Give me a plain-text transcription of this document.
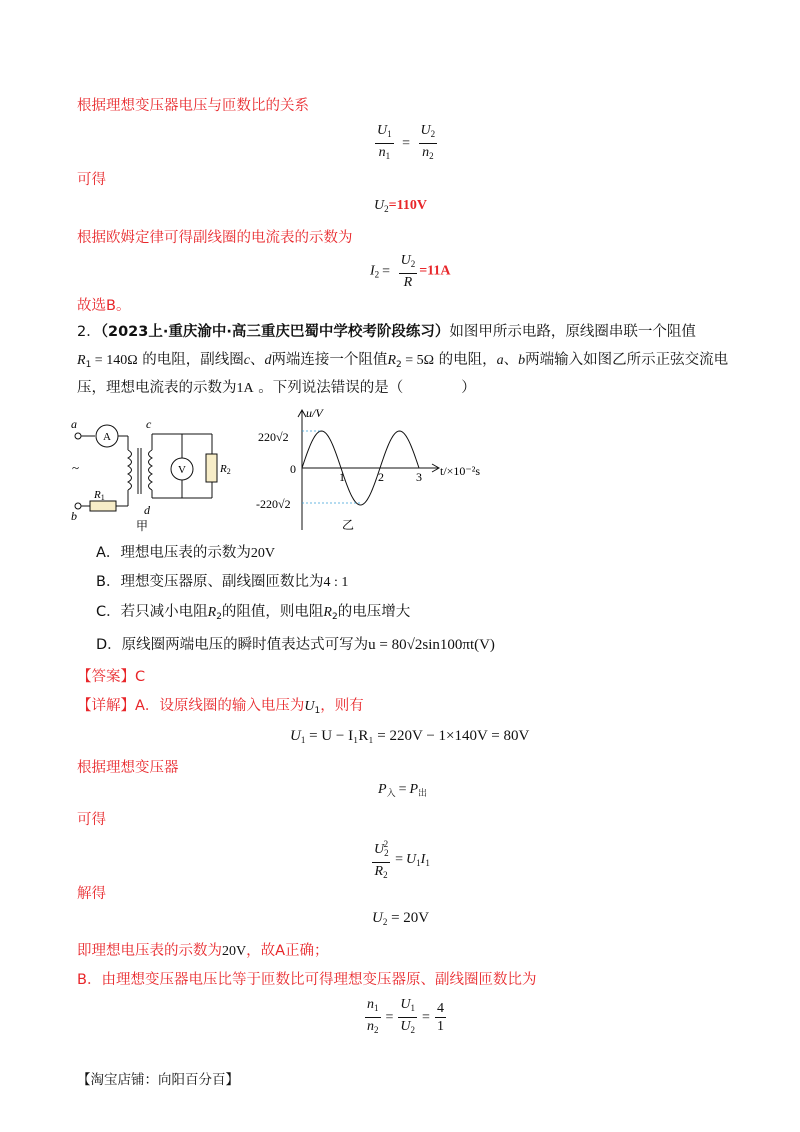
根据理想变压器电压与匝数比的关系
$\frac{U_1}{n_1} = \frac{U_2}{n_2}$
可得
$U_2=110V$
根据欧姆定律可得副线圈的电流表的示数为
$I_2 = \frac{U_2}{R} =11A$
故选B。
2．（2023上·重庆渝中·高三重庆巴蜀中学校考阶段练习）如图甲所示电路，原线圈串联一个阻值
$R_1 = 140\Omega$ 的电阻，副线圈c、d两端连接一个阻值$R_2 = 5\Omega$ 的电阻，a、b两端输入如图乙所示正弦交流电
压，理想电流表的示数为1A 。下列说法错误的是（　　　　）
a
b
c
d
~
A
V
R1
R2
甲
u/V
220√2
0
1	2	3 t/×10⁻²s
-220√2
乙
A．理想电压表的示数为20V
B．理想变压器原、副线圈匝数比为4 : 1
C．若只减小电阻$R_2$的阻值，则电阻$R_2$的电压增大
D．原线圈两端电压的瞬时值表达式可写为u = 80√2sin100πt(V)
【答案】C
【详解】A．设原线圈的输入电压为$U_1$，则有
$U_1 = U - I_1R_1 = 220V - 1\times 140V = 80V$
根据理想变压器
$P_入 = P_出$
可得
$\frac{U_2^2}{R_2} = U_1I_1$
解得
$U_2 = 20V$
即理想电压表的示数为20V，故A正确；
B．由理想变压器电压比等于匝数比可得理想变压器原、副线圈匝数比为
$\frac{n_1}{n_2} = \frac{U_1}{U_2} = \frac{4}{1}$
【淘宝店铺：向阳百分百】
